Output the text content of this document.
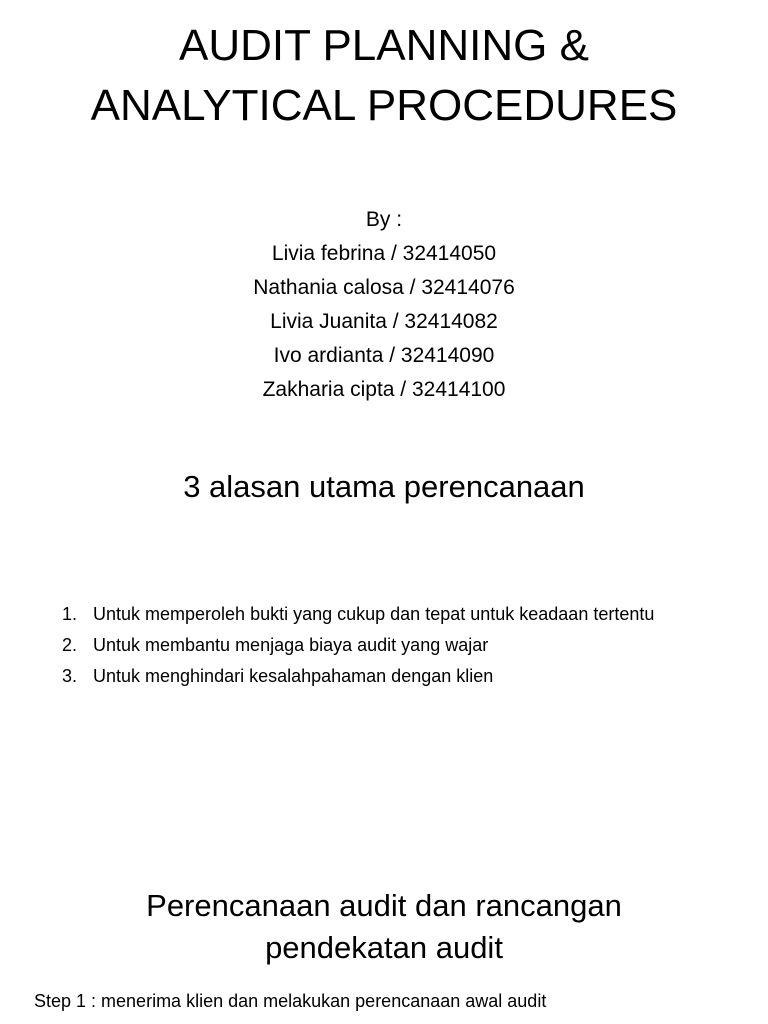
AUDIT PLANNING &
ANALYTICAL PROCEDURES
By :
Livia febrina / 32414050
Nathania calosa / 32414076
Livia Juanita / 32414082
Ivo ardianta / 32414090
Zakharia cipta / 32414100
3 alasan utama perencanaan
1. Untuk memperoleh bukti yang cukup dan tepat untuk keadaan tertentu
2. Untuk membantu menjaga biaya audit yang wajar
3. Untuk menghindari kesalahpahaman dengan klien
Perencanaan audit dan rancangan
pendekatan audit
Step 1 : menerima klien dan melakukan perencanaan awal audit
